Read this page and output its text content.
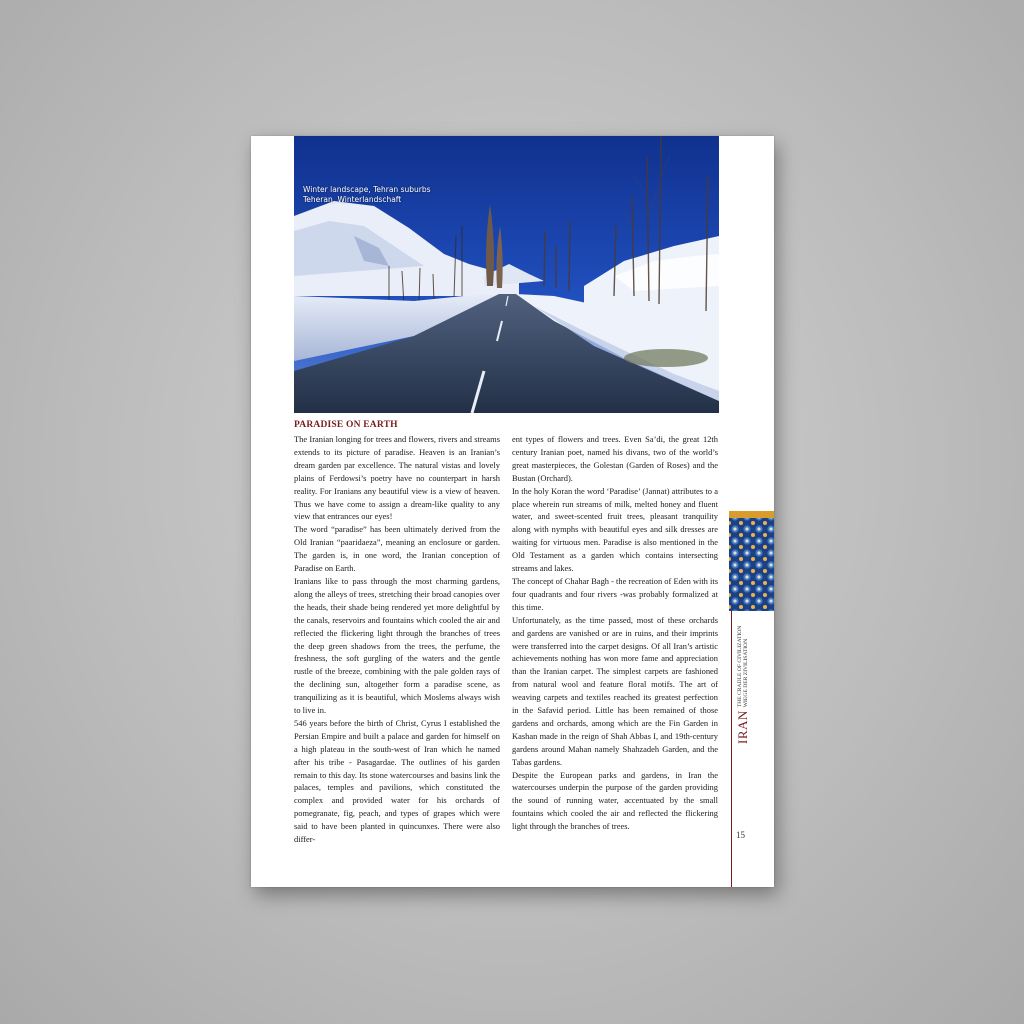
Winter landscape, Tehran suburbs
Teheran, Winterlandschaft
PARADISE ON EARTH

The Iranian longing for trees and flowers, rivers and streams extends to its picture of paradise. Heaven is an Iranian’s dream garden par excellence. The natural vistas and lovely plains of Ferdowsi’s poetry have no counterpart in harsh reality. For Iranians any beautiful view is a view of heaven. Thus we have come to assign a dream-like quality to any view that entrances our eyes!

The word “paradise” has been ultimately derived from the Old Iranian “paaridaeza”, meaning an enclosure or garden. The garden is, in one word, the Iranian conception of Paradise on Earth.

Iranians like to pass through the most charming gardens, along the alleys of trees, stretching their broad canopies over the heads, their shade being rendered yet more delightful by the canals, reservoirs and fountains which cooled the air and reflected the flickering light through the branches of trees the deep green shadows from the trees, the perfume, the freshness, the soft gurgling of the waters and the gentle rustle of the breeze, combining with the pale golden rays of the declining sun, altogether form a paradise scene, as tranquilizing as it is beautiful, which Moslems always wish to live in.

546 years before the birth of Christ, Cyrus I established the Persian Empire and built a palace and garden for himself on a high plateau in the south-west of Iran which he named after his tribe - Pasagardae. The outlines of his garden remain to this day. Its stone watercourses and basins link the palaces, temples and pavilions, which constituted the complex and provided water for his orchards of pomegranate, fig, peach, and types of grapes which were said to have been planted in quincunxes. There were also differ-

ent types of flowers and trees. Even Sa’di, the great 12th century Iranian poet, named his divans, two of the world’s great masterpieces, the Golestan (Garden of Roses) and the Bustan (Orchard).

In the holy Koran the word ‘Paradise’ (Jannat) attributes to a place wherein run streams of milk, melted honey and fluent water, and sweet-scented fruit trees, pleasant tranquility along with nymphs with beautiful eyes and silk dresses are waiting for virtuous men. Paradise is also mentioned in the Old Testament as a garden which contains intersecting streams and lakes.

The concept of Chahar Bagh - the recreation of Eden with its four quadrants and four rivers -was probably formalized at this time.

Unfortunately, as the time passed, most of these orchards and gardens are vanished or are in ruins, and their imprints were transferred into the carpet designs. Of all Iran’s artistic achievements nothing has won more fame and appreciation than the Iranian carpet. The simplest carpets are fashioned from natural wool and feature floral motifs. The art of weaving carpets and textiles reached its greatest perfection in the Safavid period. Little has been remained of those gardens and orchards, among which are the Fin Garden in Kashan made in the reign of Shah Abbas I, and 19th-century gardens around Mahan namely Shahzadeh Garden, and the Tabas gardens.

Despite the European parks and gardens, in Iran the watercourses underpin the purpose of the garden providing the sound of running water, accentuated by the small fountains which cooled the air and reflected the flickering light through the branches of trees.

IRAN
THE CRADLE OF CIVILIZATION WIEGE DER ZIVILISATION
15
